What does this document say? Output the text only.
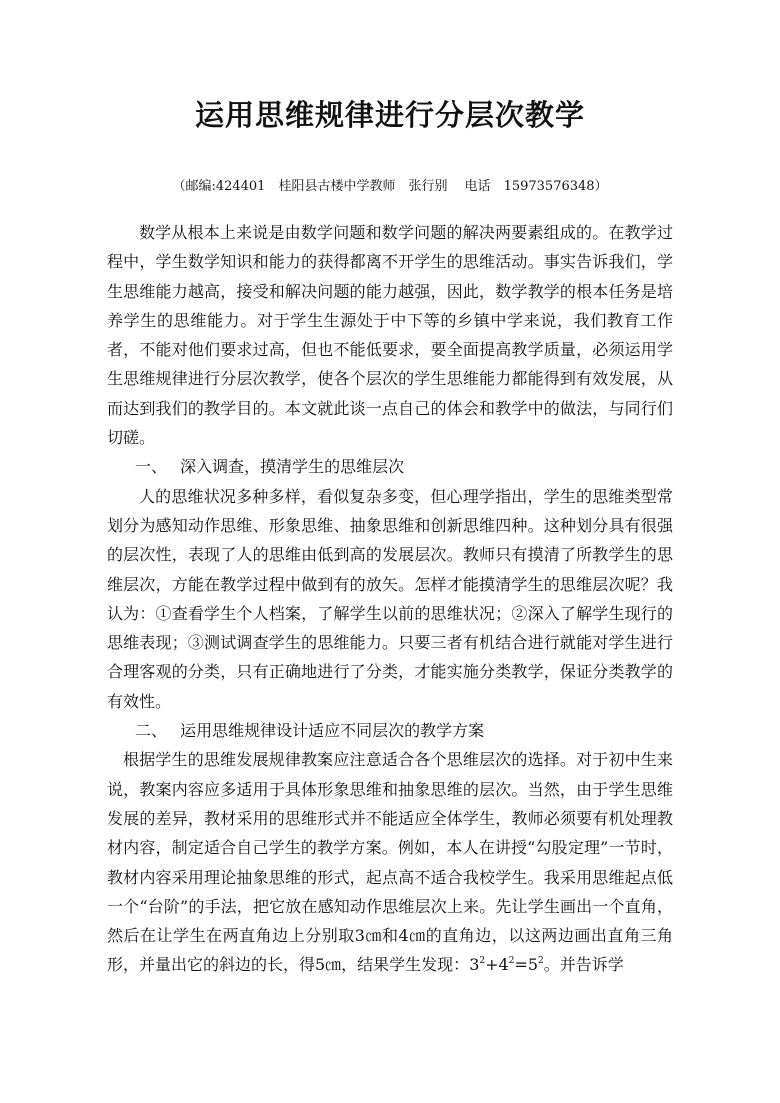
运用思维规律进行分层次教学
（邮编:424401　桂阳县古楼中学教师　张行别　 电话　15973576348）

数学从根本上来说是由数学问题和数学问题的解决两要素组成的。在教学过程中，学生数学知识和能力的获得都离不开学生的思维活动。事实告诉我们，学生思维能力越高，接受和解决问题的能力越强，因此，数学教学的根本任务是培养学生的思维能力。对于学生生源处于中下等的乡镇中学来说，我们教育工作者，不能对他们要求过高，但也不能低要求，要全面提高教学质量，必须运用学生思维规律进行分层次教学，使各个层次的学生思维能力都能得到有效发展，从而达到我们的教学目的。本文就此谈一点自己的体会和教学中的做法，与同行们切磋。

一、　 深入调查，摸清学生的思维层次

人的思维状况多种多样，看似复杂多变，但心理学指出，学生的思维类型常划分为感知动作思维、形象思维、抽象思维和创新思维四种。这种划分具有很强的层次性，表现了人的思维由低到高的发展层次。教师只有摸清了所教学生的思维层次，方能在教学过程中做到有的放矢。怎样才能摸清学生的思维层次呢？我认为：①查看学生个人档案，了解学生以前的思维状况；②深入了解学生现行的思维表现；③测试调查学生的思维能力。只要三者有机结合进行就能对学生进行合理客观的分类，只有正确地进行了分类，才能实施分类教学，保证分类教学的有效性。

二、　 运用思维规律设计适应不同层次的教学方案

根据学生的思维发展规律教案应注意适合各个思维层次的选择。对于初中生来说，教案内容应多适用于具体形象思维和抽象思维的层次。当然，由于学生思维发展的差异，教材采用的思维形式并不能适应全体学生，教师必须要有机处理教材内容，制定适合自己学生的教学方案。例如，本人在讲授“勾股定理”一节时，教材内容采用理论抽象思维的形式，起点高不适合我校学生。我采用思维起点低一个“台阶”的手法，把它放在感知动作思维层次上来。先让学生画出一个直角，然后在让学生在两直角边上分别取3㎝和4㎝的直角边，以这两边画出直角三角形，并量出它的斜边的长，得5㎝，结果学生发现：$3^2+4^2=5^2$。并告诉学
